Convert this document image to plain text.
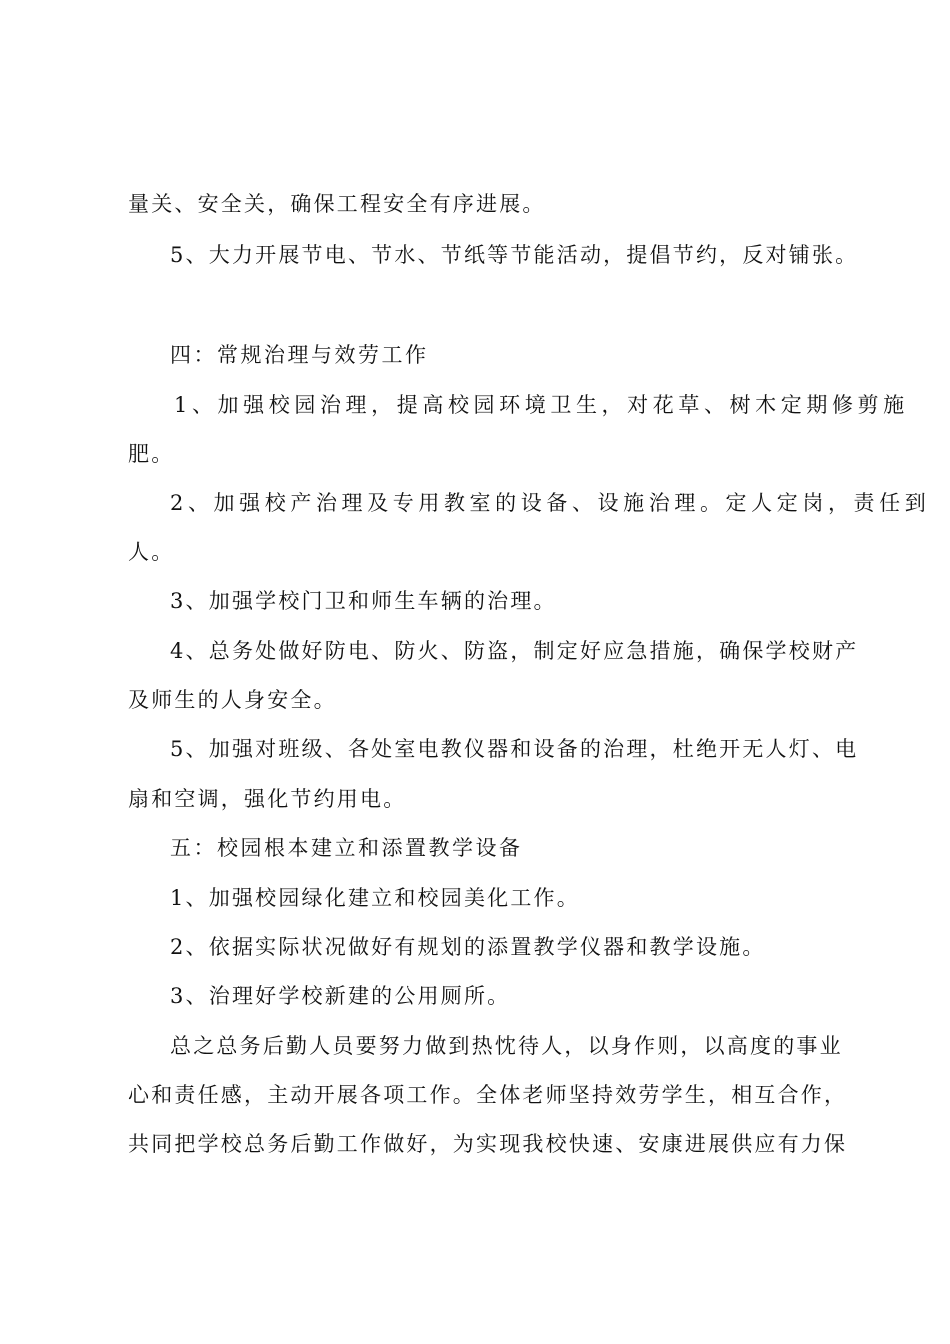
量关、安全关，确保工程安全有序进展。
5、大力开展节电、节水、节纸等节能活动，提倡节约，反对铺张。
四：常规治理与效劳工作
1、加强校园治理，提高校园环境卫生，对花草、树木定期修剪施
肥。
2、加强校产治理及专用教室的设备、设施治理。定人定岗，责任到
人。
3、加强学校门卫和师生车辆的治理。
4、总务处做好防电、防火、防盗，制定好应急措施，确保学校财产
及师生的人身安全。
5、加强对班级、各处室电教仪器和设备的治理，杜绝开无人灯、电
扇和空调，强化节约用电。
五：校园根本建立和添置教学设备
1、加强校园绿化建立和校园美化工作。
2、依据实际状况做好有规划的添置教学仪器和教学设施。
3、治理好学校新建的公用厕所。
总之总务后勤人员要努力做到热忱待人，以身作则，以高度的事业
心和责任感，主动开展各项工作。全体老师坚持效劳学生，相互合作，
共同把学校总务后勤工作做好，为实现我校快速、安康进展供应有力保
